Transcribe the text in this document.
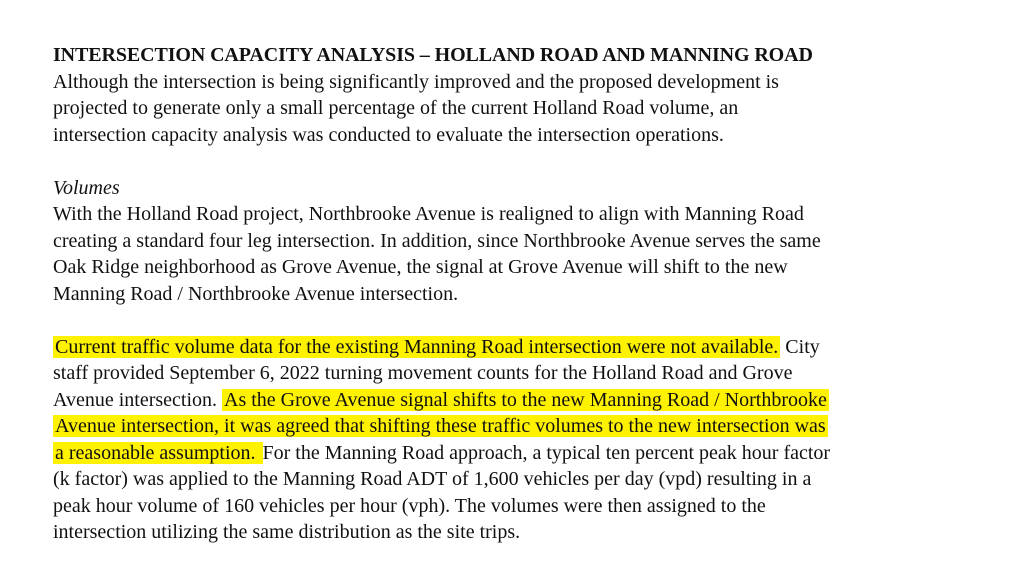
INTERSECTION CAPACITY ANALYSIS – HOLLAND ROAD AND MANNING ROAD

Although the intersection is being significantly improved and the proposed development is
projected to generate only a small percentage of the current Holland Road volume, an
intersection capacity analysis was conducted to evaluate the intersection operations.

Volumes

With the Holland Road project, Northbrooke Avenue is realigned to align with Manning Road
creating a standard four leg intersection. In addition, since Northbrooke Avenue serves the same
Oak Ridge neighborhood as Grove Avenue, the signal at Grove Avenue will shift to the new
Manning Road / Northbrooke Avenue intersection.

Current traffic volume data for the existing Manning Road intersection were not available. City
staff provided September 6, 2022 turning movement counts for the Holland Road and Grove
Avenue intersection. As the Grove Avenue signal shifts to the new Manning Road / Northbrooke
Avenue intersection, it was agreed that shifting these traffic volumes to the new intersection was
a reasonable assumption. For the Manning Road approach, a typical ten percent peak hour factor
(k factor) was applied to the Manning Road ADT of 1,600 vehicles per day (vpd) resulting in a
peak hour volume of 160 vehicles per hour (vph). The volumes were then assigned to the
intersection utilizing the same distribution as the site trips.
